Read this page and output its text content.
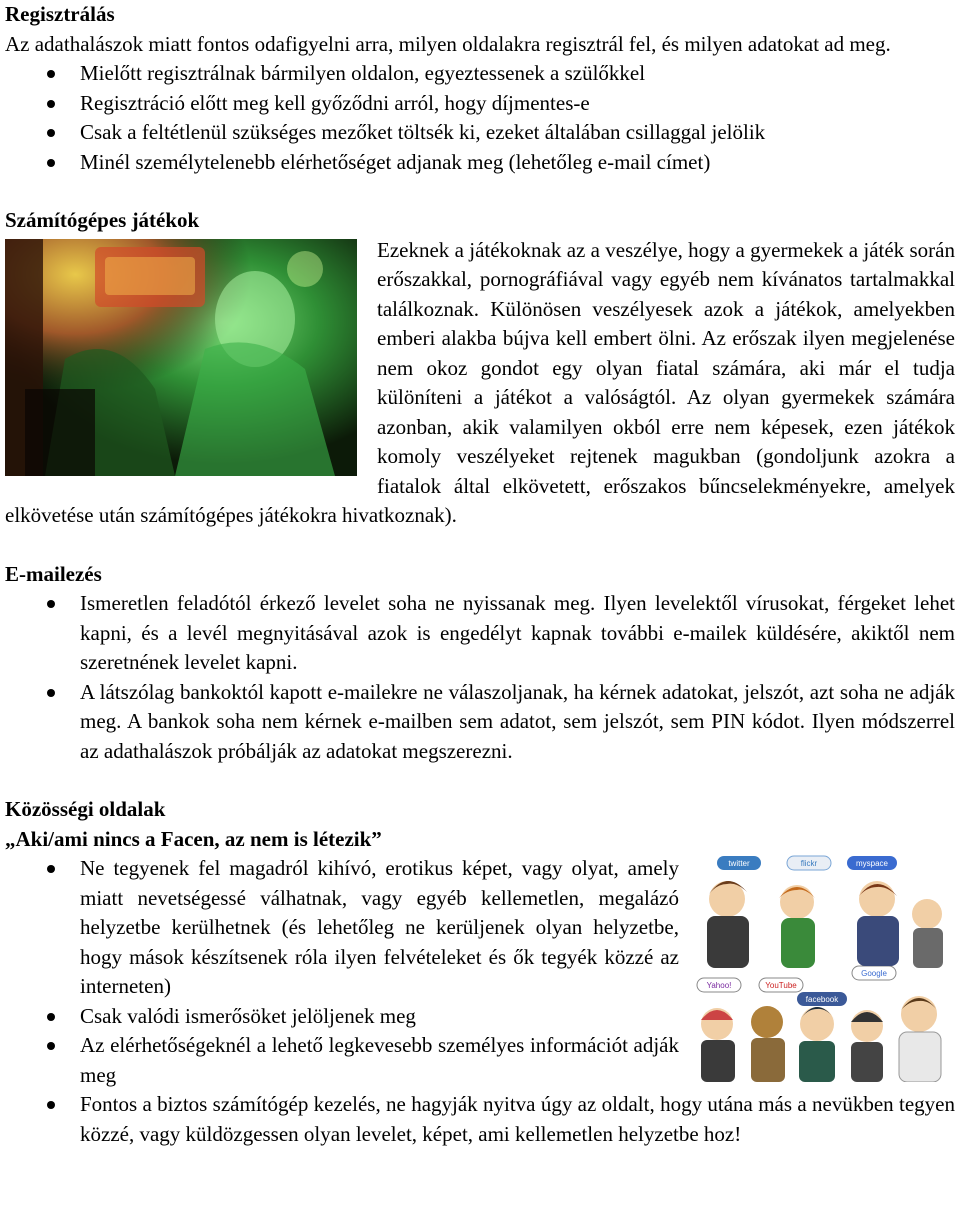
Regisztrálás

Az adathalászok miatt fontos odafigyelni arra, milyen oldalakra regisztrál fel, és milyen adatokat ad meg.

Mielőtt regisztrálnak bármilyen oldalon, egyeztessenek a szülőkkel
Regisztráció előtt meg kell győződni arról, hogy díjmentes-e
Csak a feltétlenül szükséges mezőket töltsék ki, ezeket általában csillaggal jelölik
Minél személytelenebb elérhetőséget adjanak meg (lehetőleg e-mail címet)
Számítógépes játékok

Ezeknek a játékoknak az a veszélye, hogy a gyermekek a játék során erőszakkal, pornográfiával vagy egyéb nem kívánatos tartalmakkal találkoznak. Különösen veszélyesek azok a játékok, amelyekben emberi alakba bújva kell embert ölni. Az erőszak ilyen megjelenése nem okoz gondot egy olyan fiatal számára, aki már el tudja különíteni a játékot a valóságtól. Az olyan gyermekek számára azonban, akik valamilyen okból erre nem képesek, ezen játékok komoly veszélyeket rejtenek magukban (gondoljunk azokra a fiatalok által elkövetett, erőszakos bűncselekményekre, amelyek elkövetése után számítógépes játékokra hivatkoznak).

E-mailezés
Ismeretlen feladótól érkező levelet soha ne nyissanak meg. Ilyen levelektől vírusokat, férgeket lehet kapni, és a levél megnyitásával azok is engedélyt kapnak további e-mailek küldésére, akiktől nem szeretnének levelet kapni.
A látszólag bankoktól kapott e-mailekre ne válaszoljanak, ha kérnek adatokat, jelszót, azt soha ne adják meg. A bankok soha nem kérnek e-mailben sem adatot, sem jelszót, sem PIN kódot. Ilyen módszerrel az adathalászok próbálják az adatokat megszerezni.
Közösségi oldalak
„Aki/ami nincs a Facen, az nem is létezik”
twitter	flickr	myspace
Yahoo!	YouTube
Google
facebook
Ne tegyenek fel magadról kihívó, erotikus képet, vagy olyat, amely miatt nevetségessé válhatnak, vagy egyéb kellemetlen, megalázó helyzetbe kerülhetnek (és lehetőleg ne kerüljenek olyan helyzetbe, hogy mások készítsenek róla ilyen felvételeket és ők tegyék közzé az interneten)
Csak valódi ismerősöket jelöljenek meg
Az elérhetőségeknél a lehető legkevesebb személyes információt adják meg
Fontos a biztos számítógép kezelés, ne hagyják nyitva úgy az oldalt, hogy utána más a nevükben tegyen közzé, vagy küldözgessen olyan levelet, képet, ami kellemetlen helyzetbe hoz!
